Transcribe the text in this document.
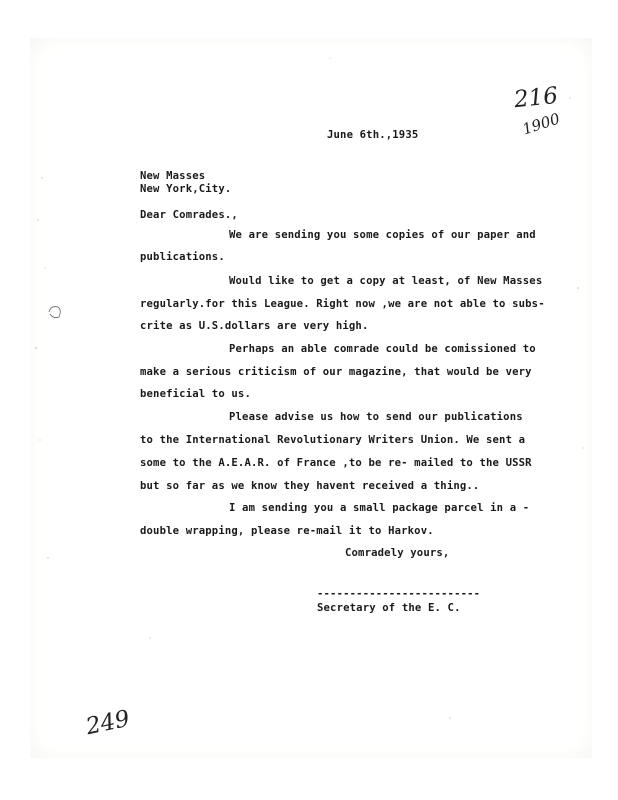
216
1900
249
June 6th.,1935
New Masses
New York,City.
Dear Comrades.,
We are sending you some copies of our paper and
publications.
Would like to get a copy at least, of New Masses
regularly.for this League. Right now ,we are not able to subs-
crite as U.S.dollars are very high.
Perhaps an able comrade could be comissioned to
make a serious criticism of our magazine, that would be very
beneficial to us.
Please advise us how to send our publications
to the International Revolutionary Writers Union. We sent a
some to the A.E.A.R. of France ,to be re- mailed to the USSR
but so far as we know they havent received a thing..
I am sending you a small package parcel in a -
double wrapping, please re-mail it to Harkov.
Comradely yours,
-------------------------
Secretary of the E. C.
